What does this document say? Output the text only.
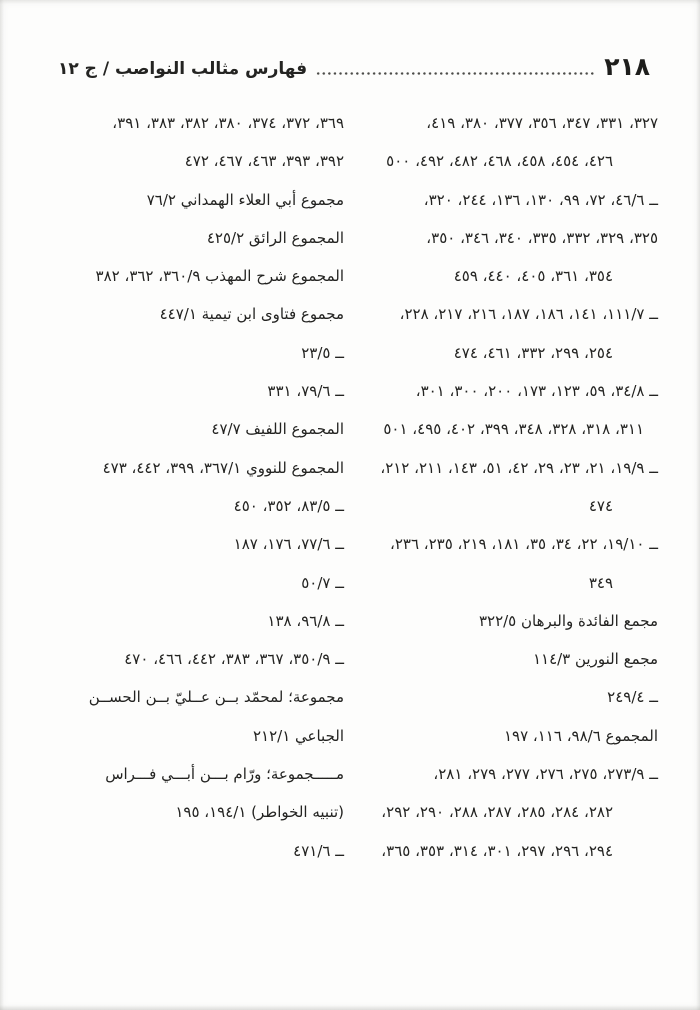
فهارس مثالب النواصب / ج ١٢	٢١٨
٣٢٧، ٣٣١، ٣٤٧، ٣٥٦، ٣٧٧، ٣٨٠، ٤١٩،
٤٢٦، ٤٥٤، ٤٥٨، ٤٦٨، ٤٨٢، ٤٩٢، ٥٠٠
ــ ٤٦/٦، ٧٢، ٩٩، ١٣٠، ١٣٦، ٢٤٤، ٣٢٠،
٣٢٥، ٣٢٩، ٣٣٢، ٣٣٥، ٣٤٠، ٣٤٦، ٣٥٠،
٣٥٤، ٣٦١، ٤٠٥، ٤٤٠، ٤٥٩
ــ ١١١/٧، ١٤١، ١٨٦، ١٨٧، ٢١٦، ٢١٧، ٢٢٨،
٢٥٤، ٢٩٩، ٣٣٢، ٤٦١، ٤٧٤
ــ ٣٤/٨، ٥٩، ١٢٣، ١٧٣، ٢٠٠، ٣٠٠، ٣٠١،
٣١١، ٣١٨، ٣٢٨، ٣٤٨، ٣٩٩، ٤٠٢، ٤٩٥، ٥٠١
ــ ١٩/٩، ٢١، ٢٣، ٢٩، ٤٢، ٥١، ١٤٣، ٢١١، ٢١٢،
٤٧٤
ــ ١٩/١٠، ٢٢، ٣٤، ٣٥، ١٨١، ٢١٩، ٢٣٥، ٢٣٦،
٣٤٩
مجمع الفائدة والبرهان ٣٢٢/٥
مجمع النورين ١١٤/٣
ــ ٢٤٩/٤
المجموع ٩٨/٦، ١١٦، ١٩٧
ــ ٢٧٣/٩، ٢٧٥، ٢٧٦، ٢٧٧، ٢٧٩، ٢٨١،
٢٨٢، ٢٨٤، ٢٨٥، ٢٨٧، ٢٨٨، ٢٩٠، ٢٩٢،
٢٩٤، ٢٩٦، ٢٩٧، ٣٠١، ٣١٤، ٣٥٣، ٣٦٥،
٣٦٩، ٣٧٢، ٣٧٤، ٣٨٠، ٣٨٢، ٣٨٣، ٣٩١،
٣٩٢، ٣٩٣، ٤٦٣، ٤٦٧، ٤٧٢
مجموع أبي العلاء الهمداني ٧٦/٢
المجموع الرائق ٤٢٥/٢
المجموع شرح المهذب ٣٦٠/٩، ٣٦٢، ٣٨٢
مجموع فتاوى ابن تيمية ٤٤٧/١
ــ ٢٣/٥
ــ ٧٩/٦، ٣٣١
المجموع اللفيف ٤٧/٧
المجموع للنووي ٣٦٧/١، ٣٩٩، ٤٤٢، ٤٧٣
ــ ٨٣/٥، ٣٥٢، ٤٥٠
ــ ٧٧/٦، ١٧٦، ١٨٧
ــ ٥٠/٧
ــ ٩٦/٨، ١٣٨
ــ ٣٥٠/٩، ٣٦٧، ٣٨٣، ٤٤٢، ٤٦٦، ٤٧٠
مجموعة؛ لمحمّد بــن عــليّ بــن الحســن
الجباعي ٢١٢/١
مـــــجموعة؛ ورّام بـــن أبـــي فـــراس
(تنبيه الخواطر) ١٩٤/١، ١٩٥
ــ ٤٧١/٦
